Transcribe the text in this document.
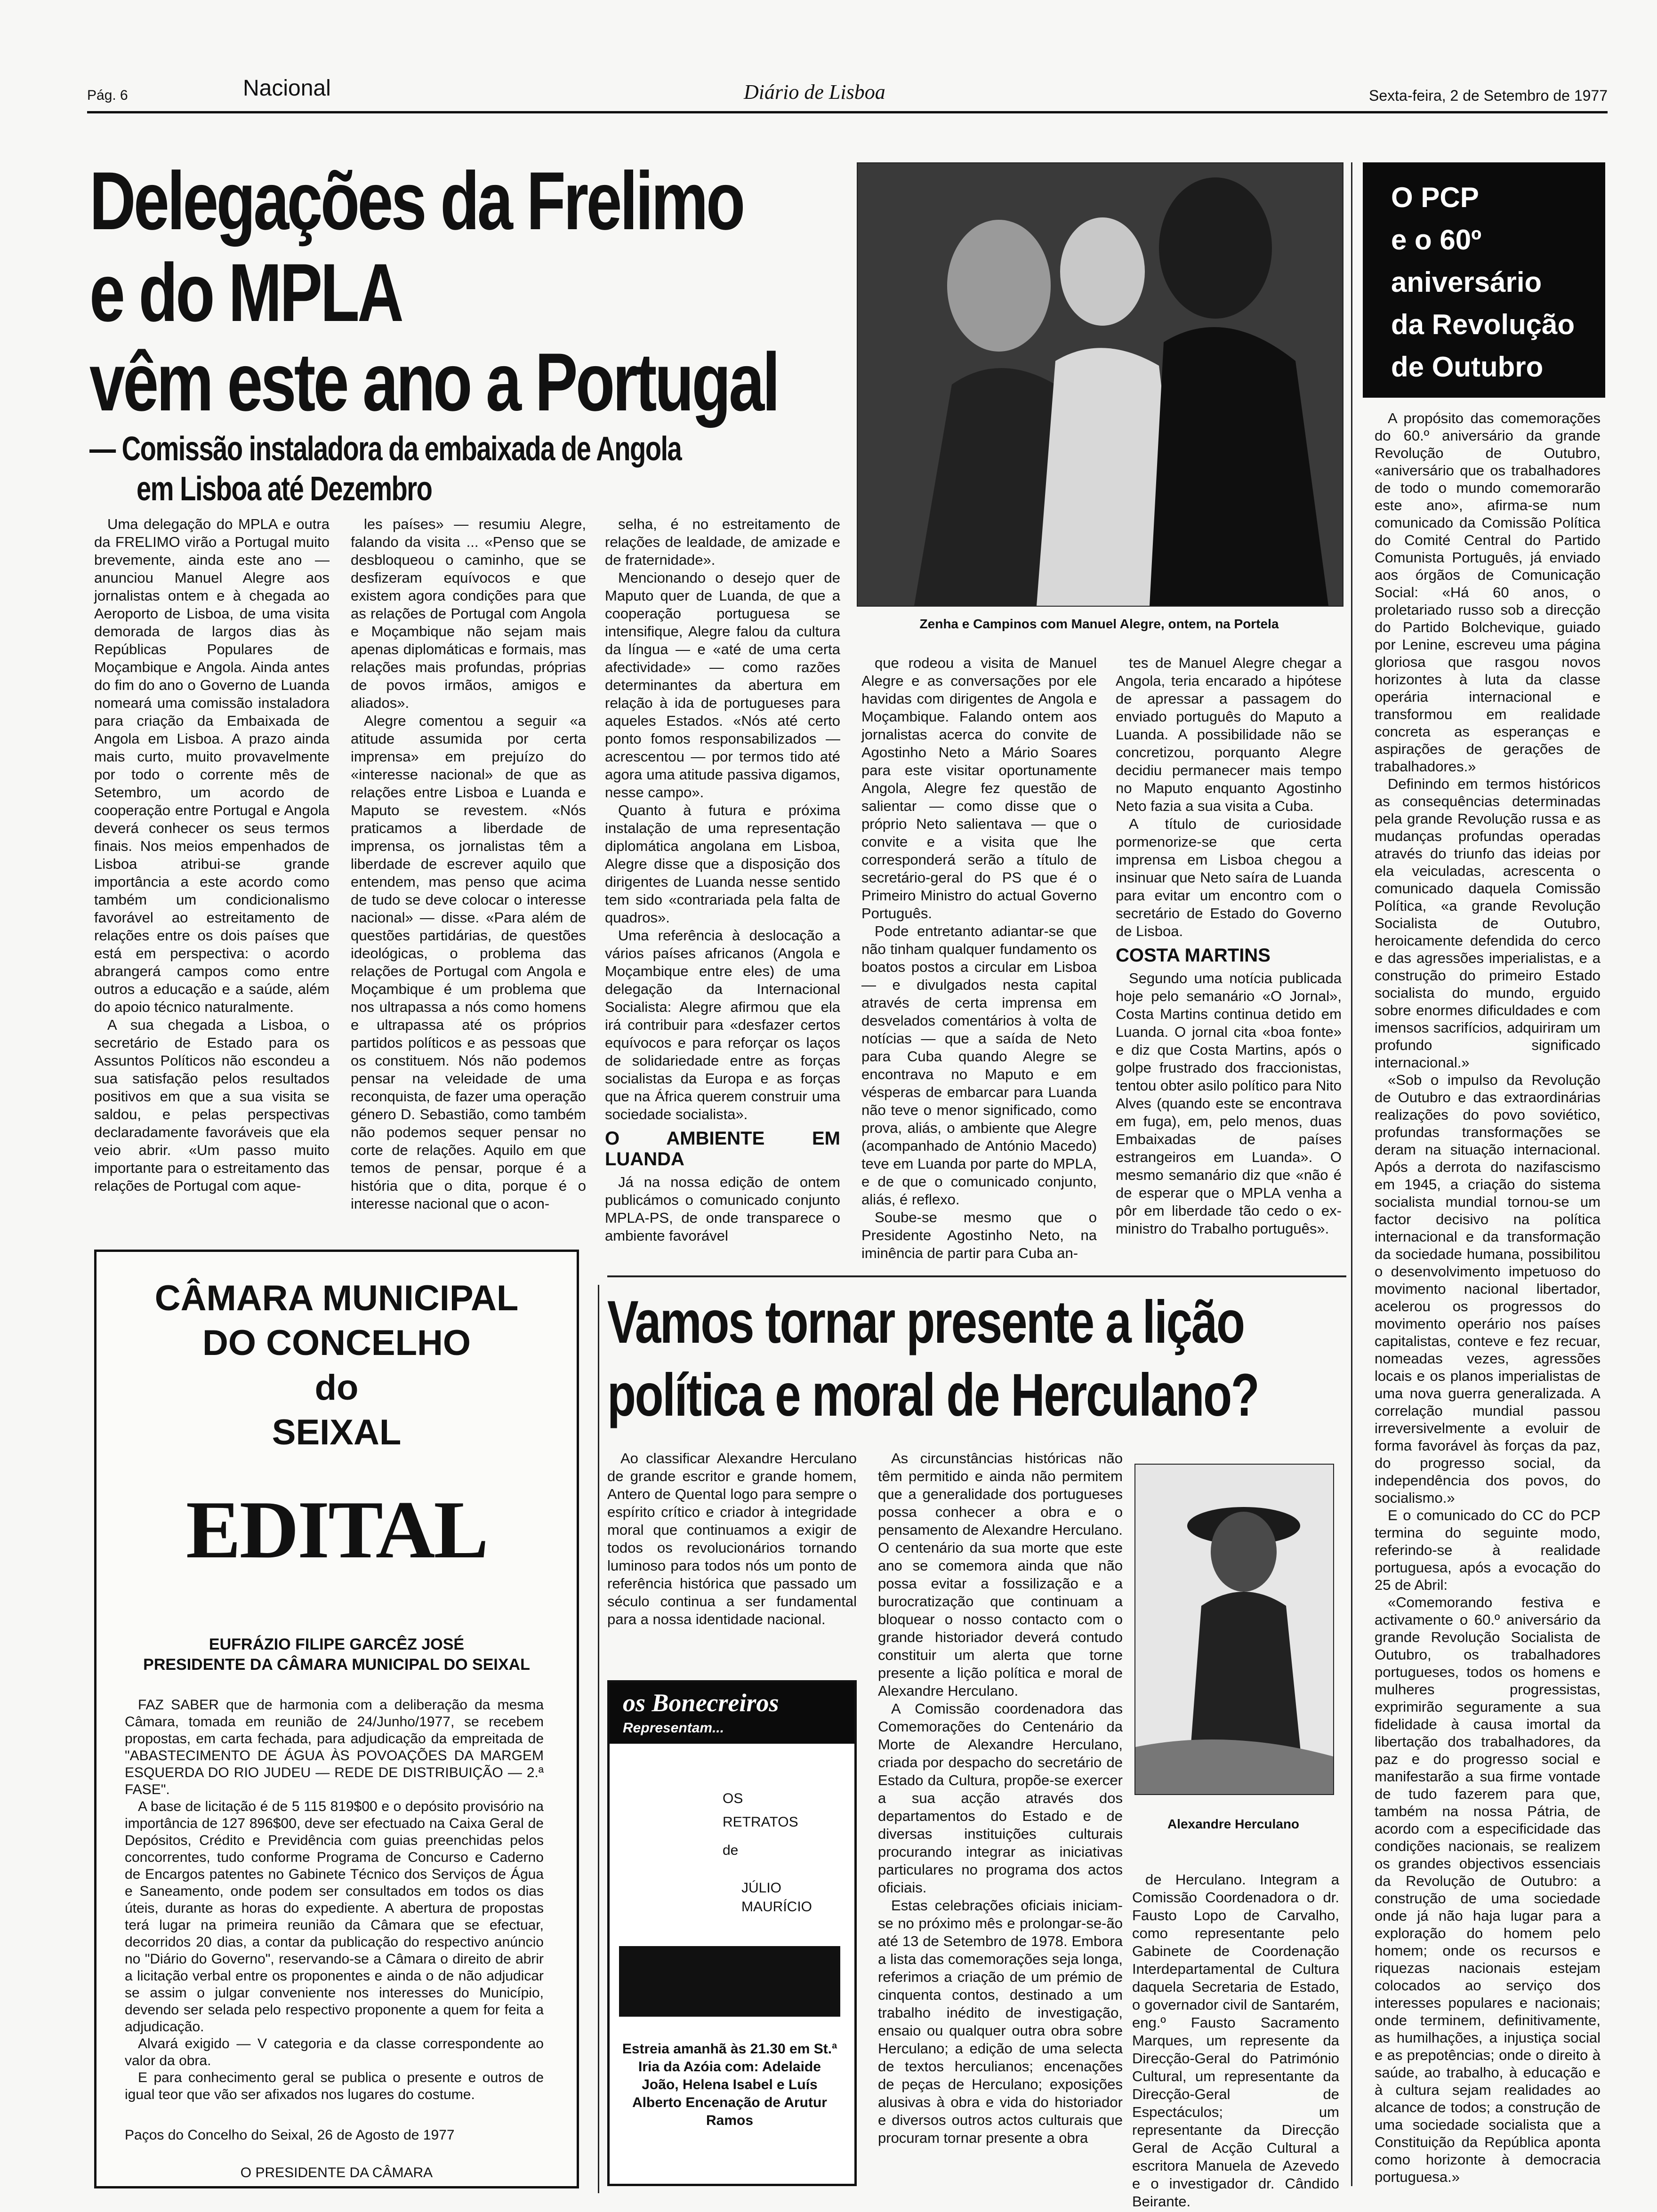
Pág. 6	Nacional	Diário de Lisboa	Sexta-feira, 2 de Setembro de 1977
Delegações da Frelimo
e do MPLA
vêm este ano a Portugal
— Comissão instaladora da embaixada de Angola
em Lisboa até Dezembro
Zenha e Campinos com Manuel Alegre, ontem, na Portela
O PCP
e o 60º
aniversário
da Revolução
de Outubro

A propósito das comemorações do 60.º aniversário da grande Revolução de Outubro, «aniversário que os trabalhadores de todo o mundo comemorarão este ano», afirma-se num comunicado da Comissão Política do Comité Central do Partido Comunista Português, já enviado aos órgãos de Comunicação Social: «Há 60 anos, o proletariado russo sob a direcção do Partido Bolchevique, guiado por Lenine, escreveu uma página gloriosa que rasgou novos horizontes à luta da classe operária internacional e transformou em realidade concreta as esperanças e aspirações de gerações de trabalhadores.»

Definindo em termos históricos as consequências determinadas pela grande Revolução russa e as mudanças profundas operadas através do triunfo das ideias por ela veiculadas, acrescenta o comunicado daquela Comissão Política, «a grande Revolução Socialista de Outubro, heroicamente defendida do cerco e das agressões imperialistas, e a construção do primeiro Estado socialista do mundo, erguido sobre enormes dificuldades e com imensos sacrifícios, adquiriram um profundo significado internacional.»

«Sob o impulso da Revolução de Outubro e das extraordinárias realizações do povo soviético, profundas transformações se deram na situação internacional. Após a derrota do nazifascismo em 1945, a criação do sistema socialista mundial tornou-se um factor decisivo na política internacional e da transformação da sociedade humana, possibilitou o desenvolvimento impetuoso do movimento nacional libertador, acelerou os progressos do movimento operário nos países capitalistas, conteve e fez recuar, nomeadas vezes, agressões locais e os planos imperialistas de uma nova guerra generalizada. A correlação mundial passou irreversivelmente a evoluir de forma favorável às forças da paz, do progresso social, da independência dos povos, do socialismo.»

E o comunicado do CC do PCP termina do seguinte modo, referindo-se à realidade portuguesa, após a evocação do 25 de Abril:

«Comemorando festiva e activamente o 60.º aniversário da grande Revolução Socialista de Outubro, os trabalhadores portugueses, todos os homens e mulheres progressistas, exprimirão seguramente a sua fidelidade à causa imortal da libertação dos trabalhadores, da paz e do progresso social e manifestarão a sua firme vontade de tudo fazerem para que, também na nossa Pátria, de acordo com a especificidade das condições nacionais, se realizem os grandes objectivos essenciais da Revolução de Outubro: a construção de uma sociedade onde já não haja lugar para a exploração do homem pelo homem; onde os recursos e riquezas nacionais estejam colocados ao serviço dos interesses populares e nacionais; onde terminem, definitivamente, as humilhações, a injustiça social e as prepotências; onde o direito à saúde, ao trabalho, à educação e à cultura sejam realidades ao alcance de todos; a construção de uma sociedade socialista que a Constituição da República aponta como horizonte à democracia portuguesa.»

Uma delegação do MPLA e outra da FRELIMO virão a Portugal muito brevemente, ainda este ano — anunciou Manuel Alegre aos jornalistas ontem e à chegada ao Aeroporto de Lisboa, de uma visita demorada de largos dias às Repúblicas Populares de Moçambique e Angola. Ainda antes do fim do ano o Governo de Luanda nomeará uma comissão instaladora para criação da Embaixada de Angola em Lisboa. A prazo ainda mais curto, muito provavelmente por todo o corrente mês de Setembro, um acordo de cooperação entre Portugal e Angola deverá conhecer os seus termos finais. Nos meios empenhados de Lisboa atribui-se grande importância a este acordo como também um condicionalismo favorável ao estreitamento de relações entre os dois países que está em perspectiva: o acordo abrangerá campos como entre outros a educação e a saúde, além do apoio técnico naturalmente.

A sua chegada a Lisboa, o secretário de Estado para os Assuntos Políticos não escondeu a sua satisfação pelos resultados positivos em que a sua visita se saldou, e pelas perspectivas declaradamente favoráveis que ela veio abrir. «Um passo muito importante para o estreitamento das relações de Portugal com aque-

les países» — resumiu Alegre, falando da visita ... «Penso que se desbloqueou o caminho, que se desfizeram equívocos e que existem agora condições para que as relações de Portugal com Angola e Moçambique não sejam mais apenas diplomáticas e formais, mas relações mais profundas, próprias de povos irmãos, amigos e aliados».

Alegre comentou a seguir «a atitude assumida por certa imprensa» em prejuízo do «interesse nacional» de que as relações entre Lisboa e Luanda e Maputo se revestem. «Nós praticamos a liberdade de imprensa, os jornalistas têm a liberdade de escrever aquilo que entendem, mas penso que acima de tudo se deve colocar o interesse nacional» — disse. «Para além de questões partidárias, de questões ideológicas, o problema das relações de Portugal com Angola e Moçambique é um problema que nos ultrapassa a nós como homens e ultrapassa até os próprios partidos políticos e as pessoas que os constituem. Nós não podemos pensar na veleidade de uma reconquista, de fazer uma operação género D. Sebastião, como também não podemos sequer pensar no corte de relações. Aquilo em que temos de pensar, porque é a história que o dita, porque é o interesse nacional que o acon-

selha, é no estreitamento de relações de lealdade, de amizade e de fraternidade».

Mencionando o desejo quer de Maputo quer de Luanda, de que a cooperação portuguesa se intensifique, Alegre falou da cultura da língua — e «até de uma certa afectividade» — como razões determinantes da abertura em relação à ida de portugueses para aqueles Estados. «Nós até certo ponto fomos responsabilizados — acrescentou — por termos tido até agora uma atitude passiva digamos, nesse campo».

Quanto à futura e próxima instalação de uma representação diplomática angolana em Lisboa, Alegre disse que a disposição dos dirigentes de Luanda nesse sentido tem sido «contrariada pela falta de quadros».

Uma referência à deslocação a vários países africanos (Angola e Moçambique entre eles) de uma delegação da Internacional Socialista: Alegre afirmou que ela irá contribuir para «desfazer certos equívocos e para reforçar os laços de solidariedade entre as forças socialistas da Europa e as forças que na África querem construir uma sociedade socialista».

O AMBIENTE EM LUANDA

Já na nossa edição de ontem publicámos o comunicado conjunto MPLA-PS, de onde transparece o ambiente favorável

que rodeou a visita de Manuel Alegre e as conversações por ele havidas com dirigentes de Angola e Moçambique. Falando ontem aos jornalistas acerca do convite de Agostinho Neto a Mário Soares para este visitar oportunamente Angola, Alegre fez questão de salientar — como disse que o próprio Neto salientava — que o convite e a visita que lhe corresponderá serão a título de secretário-geral do PS que é o Primeiro Ministro do actual Governo Português.

Pode entretanto adiantar-se que não tinham qualquer fundamento os boatos postos a circular em Lisboa — e divulgados nesta capital através de certa imprensa em desvelados comentários à volta de notícias — que a saída de Neto para Cuba quando Alegre se encontrava no Maputo e em vésperas de embarcar para Luanda não teve o menor significado, como prova, aliás, o ambiente que Alegre (acompanhado de António Macedo) teve em Luanda por parte do MPLA, e de que o comunicado conjunto, aliás, é reflexo.

Soube-se mesmo que o Presidente Agostinho Neto, na iminência de partir para Cuba an-

tes de Manuel Alegre chegar a Angola, teria encarado a hipótese de apressar a passagem do enviado português do Maputo a Luanda. A possibilidade não se concretizou, porquanto Alegre decidiu permanecer mais tempo no Maputo enquanto Agostinho Neto fazia a sua visita a Cuba.

A título de curiosidade pormenorize-se que certa imprensa em Lisboa chegou a insinuar que Neto saíra de Luanda para evitar um encontro com o secretário de Estado do Governo de Lisboa.

COSTA MARTINS

Segundo uma notícia publicada hoje pelo semanário «O Jornal», Costa Martins continua detido em Luanda. O jornal cita «boa fonte» e diz que Costa Martins, após o golpe frustrado dos fraccionistas, tentou obter asilo político para Nito Alves (quando este se encontrava em fuga), em, pelo menos, duas Embaixadas de países estrangeiros em Luanda». O mesmo semanário diz que «não é de esperar que o MPLA venha a pôr em liberdade tão cedo o ex-ministro do Trabalho português».

CÂMARA MUNICIPAL
DO CONCELHO
do
SEIXAL
EDITAL
EUFRÁZIO FILIPE GARCÊZ JOSÉ
PRESIDENTE DA CÂMARA MUNICIPAL DO SEIXAL

FAZ SABER que de harmonia com a deliberação da mesma Câmara, tomada em reunião de 24/Junho/1977, se recebem propostas, em carta fechada, para adjudicação da empreitada de "ABASTECIMENTO DE ÁGUA ÀS POVOAÇÕES DA MARGEM ESQUERDA DO RIO JUDEU — REDE DE DISTRIBUIÇÃO — 2.ª FASE".

A base de licitação é de 5 115 819$00 e o depósito provisório na importância de 127 896$00, deve ser efectuado na Caixa Geral de Depósitos, Crédito e Previdência com guias preenchidas pelos concorrentes, tudo conforme Programa de Concurso e Caderno de Encargos patentes no Gabinete Técnico dos Serviços de Água e Saneamento, onde podem ser consultados em todos os dias úteis, durante as horas do expediente. A abertura de propostas terá lugar na primeira reunião da Câmara que se efectuar, decorridos 20 dias, a contar da publicação do respectivo anúncio no "Diário do Governo", reservando-se a Câmara o direito de abrir a licitação verbal entre os proponentes e ainda o de não adjudicar se assim o julgar conveniente nos interesses do Município, devendo ser selada pelo respectivo proponente a quem for feita a adjudicação.

Alvará exigido — V categoria e da classe correspondente ao valor da obra.

E para conhecimento geral se publica o presente e outros de igual teor que vão ser afixados nos lugares do costume.

Paços do Concelho do Seixal, 26 de Agosto de 1977
O PRESIDENTE DA CÂMARA
Vamos tornar presente a lição
política e moral de Herculano?

Ao classificar Alexandre Herculano de grande escritor e grande homem, Antero de Quental logo para sempre o espírito crítico e criador à integridade moral que continuamos a exigir de todos os revolucionários tornando luminoso para todos nós um ponto de referência histórica que passado um século continua a ser fundamental para a nossa identidade nacional.

As circunstâncias históricas não têm permitido e ainda não permitem que a generalidade dos portugueses possa conhecer a obra e o pensamento de Alexandre Herculano. O centenário da sua morte que este ano se comemora ainda que não possa evitar a fossilização e a burocratização que continuam a bloquear o nosso contacto com o grande historiador deverá contudo constituir um alerta que torne presente a lição política e moral de Alexandre Herculano.

A Comissão coordenadora das Comemorações do Centenário da Morte de Alexandre Herculano, criada por despacho do secretário de Estado da Cultura, propõe-se exercer a sua acção através dos departamentos do Estado e de diversas instituições culturais procurando integrar as iniciativas particulares no programa dos actos oficiais.

Estas celebrações oficiais iniciam-se no próximo mês e prolongar-se-ão até 13 de Setembro de 1978. Embora a lista das comemorações seja longa, referimos a criação de um prémio de cinquenta contos, destinado a um trabalho inédito de investigação, ensaio ou qualquer outra obra sobre Herculano; a edição de uma selecta de textos herculianos; encenações de peças de Herculano; exposições alusivas à obra e vida do historiador e diversos outros actos culturais que procuram tornar presente a obra

Alexandre Herculano

de Herculano. Integram a Comissão Coordenadora o dr. Fausto Lopo de Carvalho, como representante pelo Gabinete de Coordenação Interdepartamental de Cultura daquela Secretaria de Estado, o governador civil de Santarém, eng.º Fausto Sacramento Marques, um represente da Direcção-Geral do Património Cultural, um representante da Direcção-Geral de Espectáculos; um representante da Direcção Geral de Acção Cultural a escritora Manuela de Azevedo e o investigador dr. Cândido Beirante.

os Bonecreiros
Representam...
OS
RETRATOS
de
JÚLIO
MAURÍCIO
Estreia amanhã às 21.30 em St.ª Iria da Azóia com: Adelaide João, Helena Isabel e Luís Alberto Encenação de Arutur Ramos
